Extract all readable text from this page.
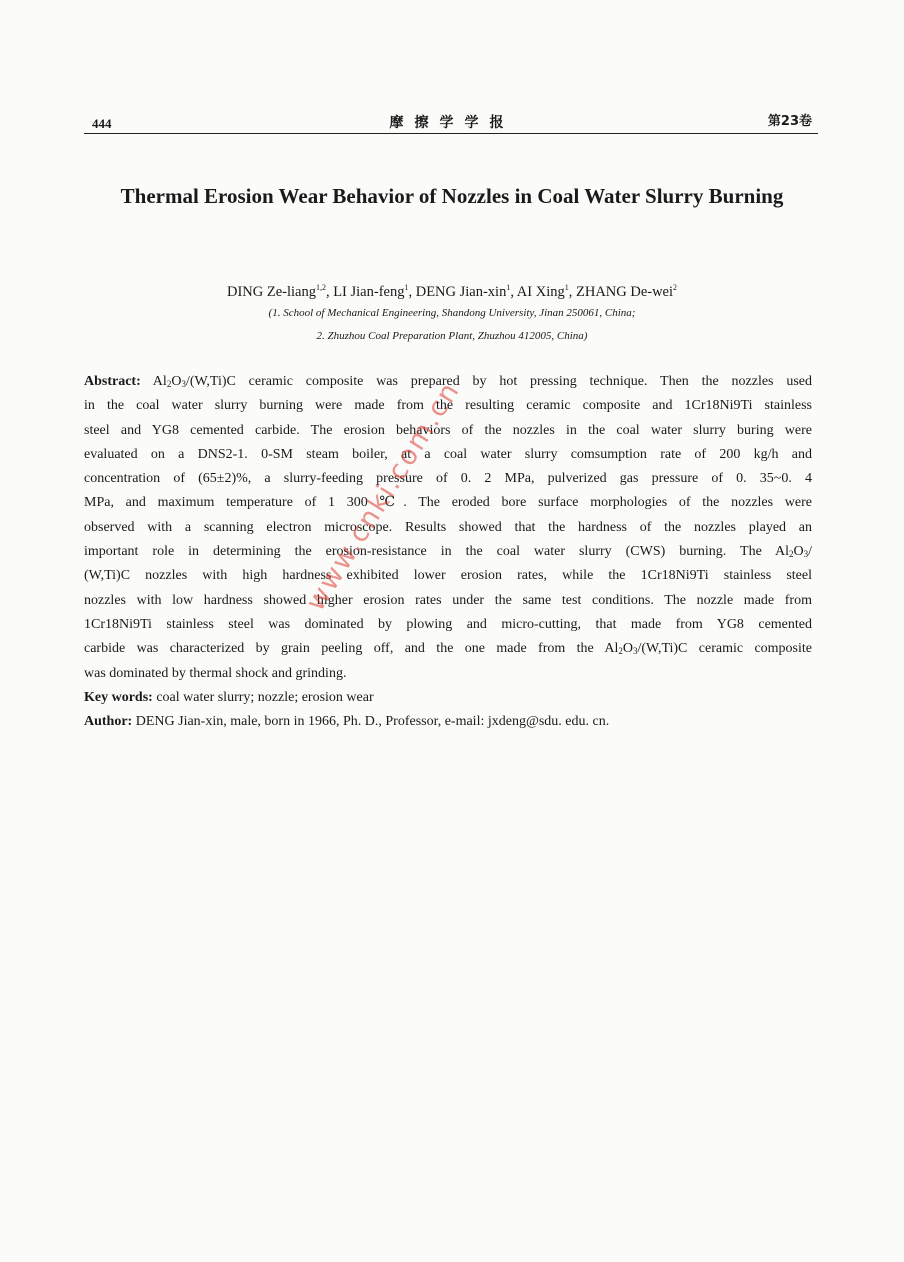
444	摩擦学学报	第23卷
Thermal Erosion Wear Behavior of Nozzles in Coal Water Slurry Burning
DING Ze-liang$^{1,2}$, LI Jian-feng$^1$, DENG Jian-xin$^1$, AI Xing$^1$, ZHANG De-wei$^2$
(1. School of Mechanical Engineering, Shandong University, Jinan 250061, China;
2. Zhuzhou Coal Preparation Plant, Zhuzhou 412005, China)
Abstract: $Al_2O_3/(W,Ti)C$ ceramic composite was prepared by hot pressing technique. Then the nozzles used
in the coal water slurry burning were made from the resulting ceramic composite and 1Cr18Ni9Ti stainless
steel and YG8 cemented carbide. The erosion behaviors of the nozzles in the coal water slurry buring were
evaluated on a DNS2-1. 0-SM steam boiler, at a coal water slurry comsumption rate of 200 kg/h and
concentration of (65±2)%, a slurry-feeding pressure of 0. 2 MPa, pulverized gas pressure of 0. 35~0. 4
MPa, and maximum temperature of 1 300 ℃. The eroded bore surface morphologies of the nozzles were
observed with a scanning electron microscope. Results showed that the hardness of the nozzles played an
important role in determining the erosion-resistance in the coal water slurry (CWS) burning. The $Al_2O_3/$
(W,Ti)C nozzles with high hardness exhibited lower erosion rates, while the 1Cr18Ni9Ti stainless steel
nozzles with low hardness showed higher erosion rates under the same test conditions. The nozzle made from
1Cr18Ni9Ti stainless steel was dominated by plowing and micro-cutting, that made from YG8 cemented
carbide was characterized by grain peeling off, and the one made from the $Al_2O_3/(W,Ti)C$ ceramic composite
was dominated by thermal shock and grinding.
Key words: coal water slurry; nozzle; erosion wear
Author: DENG Jian-xin, male, born in 1966, Ph. D., Professor, e-mail: jxdeng@sdu. edu. cn.
www.cnki.com.cn
